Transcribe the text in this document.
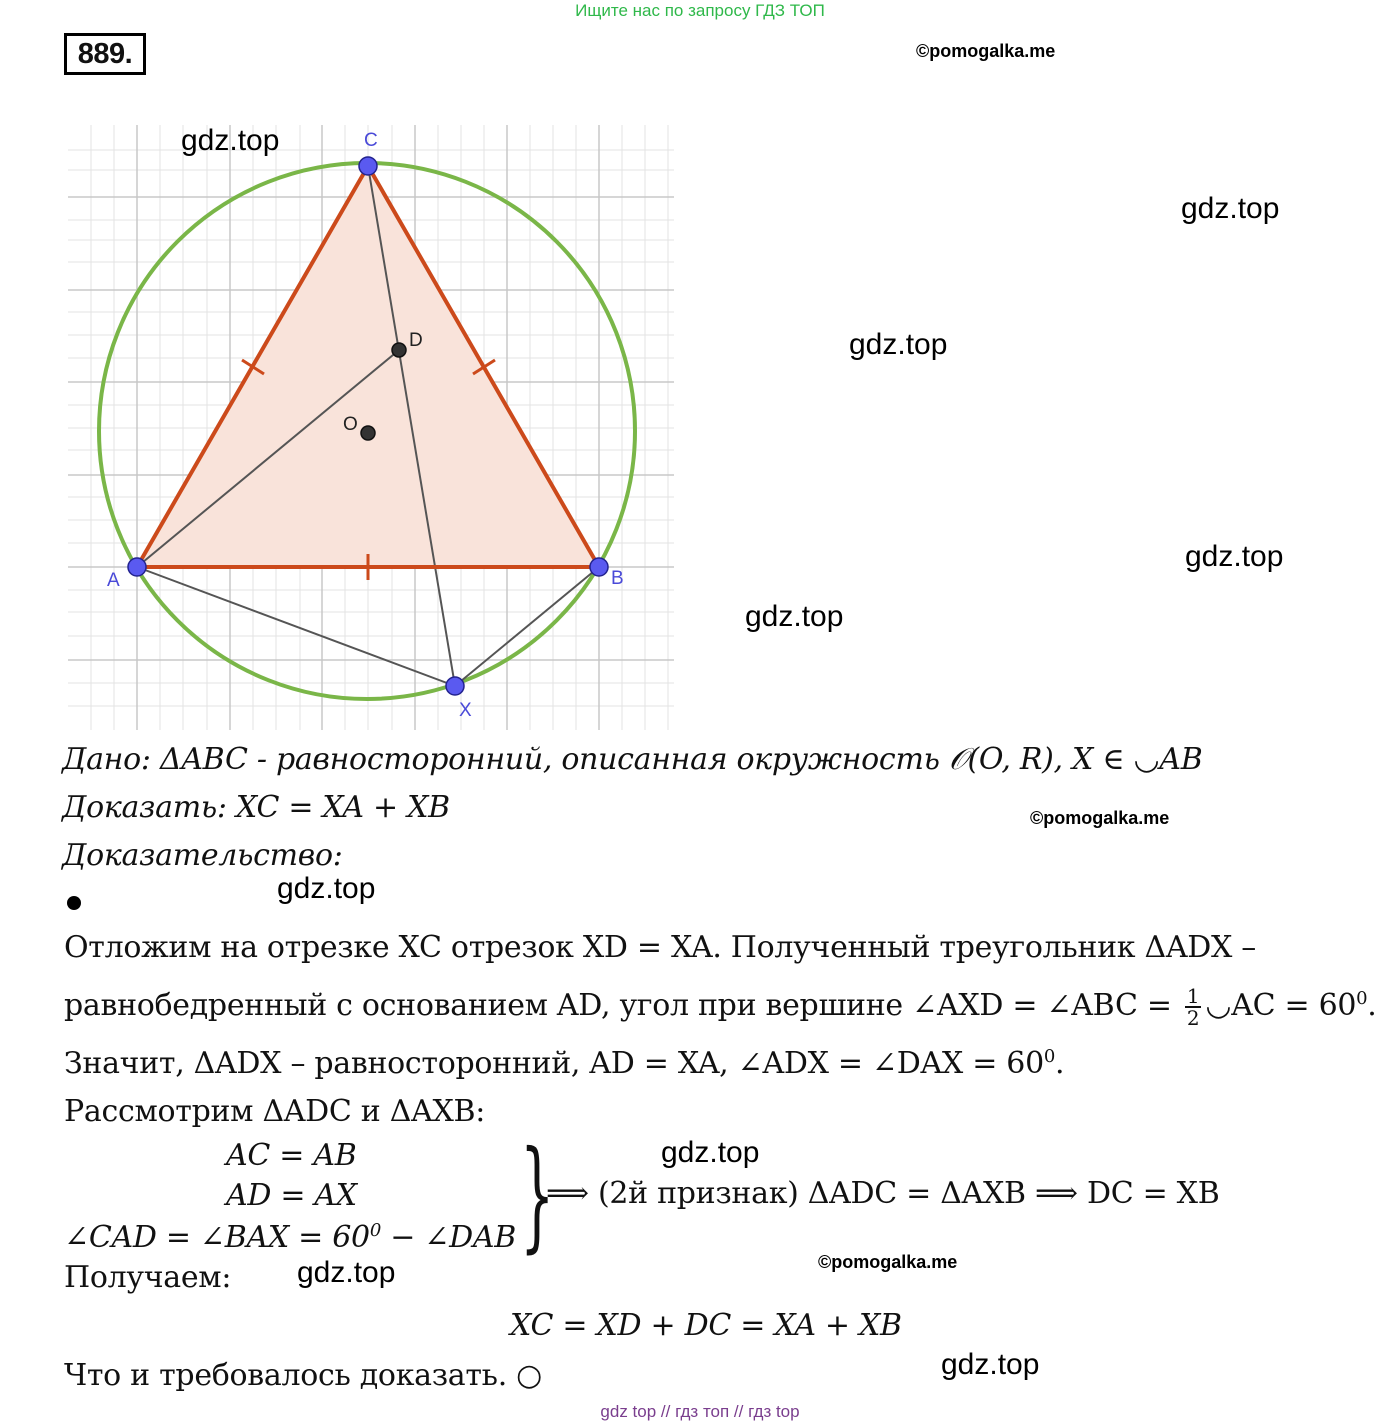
Ищите нас по запросу ГДЗ ТОП
889.	©pomogalka.me
C
D
O
A	B
X
gdz.top
gdz.top
gdz.top
gdz.top
gdz.top
Дано: ΔABC - равносторонний, описанная окружность 𝒪(O, R), X ∈ ◡AB
Доказать: XC = XA + XB	©pomogalka.me
Доказательство:
gdz.top
Отложим на отрезке XC отрезок XD = XA. Полученный треугольник ΔADX –
равнобедренный с основанием AD, угол при вершине ∠AXD = ∠ABC = $\frac{1}{2}$ ◡AC = $60^0$.
Значит, ΔADX – равносторонний, AD = XA, ∠ADX = ∠DAX = $60^0$.
Рассмотрим ΔADC и ΔAXB:
AC = AB
AD = AX
∠CAD = ∠BAX = $60^0$ − ∠DAB }	gdz.top
⟹ (2й признак) ΔADC = ΔAXB ⟹ DC = XB
©pomogalka.me
Получаем: gdz.top
XC = XD + DC = XA + XB
gdz.top
Что и требовалось доказать. ○
gdz top // гдз топ // гдз top
